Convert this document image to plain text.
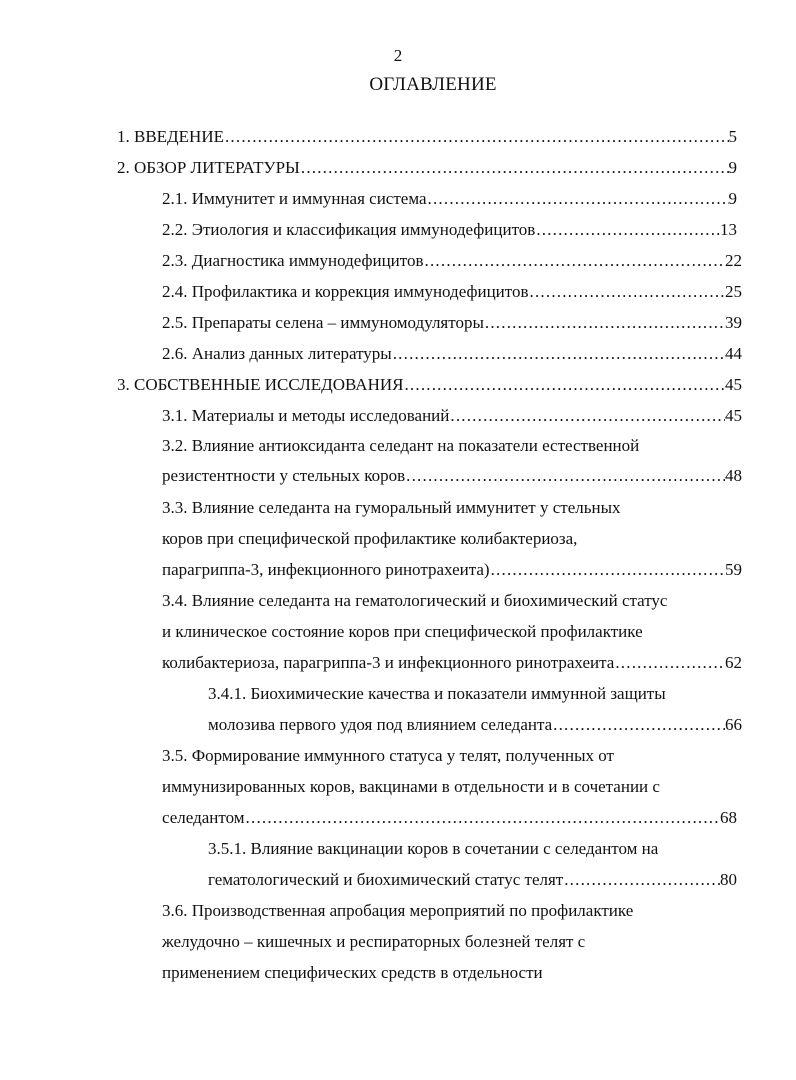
2
ОГЛАВЛЕНИЕ
1. ВВЕДЕНИЕ .....	5
2. ОБЗОР ЛИТЕРАТУРЫ .....	9
2.1. Иммунитет и иммунная система .....	9
2.2. Этиология и классификация иммунодефицитов .....	13
2.3. Диагностика иммунодефицитов .....	22
2.4. Профилактика и коррекция иммунодефицитов .....	25
2.5. Препараты селена – иммуномодуляторы .....	39
2.6. Анализ данных литературы .....	44
3. СОБСТВЕННЫЕ ИССЛЕДОВАНИЯ .....	45
3.1. Материалы и методы исследований .....	45
3.2. Влияние антиоксиданта селедант на показатели естественной
резистентности у стельных коров .....	48
3.3. Влияние селеданта на гуморальный иммунитет у стельных
коров при специфической профилактике колибактериоза,
парагриппа-3, инфекционного ринотрахеита) .....	59
3.4. Влияние селеданта на гематологический и биохимический статус
и клиническое состояние коров при специфической профилактике
колибактериоза, парагриппа-3 и инфекционного ринотрахеита .....	62
3.4.1. Биохимические качества и показатели иммунной защиты
молозива первого удоя под влиянием селеданта .....	66
3.5. Формирование иммунного статуса у телят, полученных от
иммунизированных коров, вакцинами в отдельности и в сочетании с
селедантом .....	68
3.5.1. Влияние вакцинации коров в сочетании с селедантом на
гематологический и биохимический статус телят .....	80
3.6. Производственная апробация мероприятий по профилактике
желудочно – кишечных и респираторных болезней телят с
применением специфических средств в отдельности
